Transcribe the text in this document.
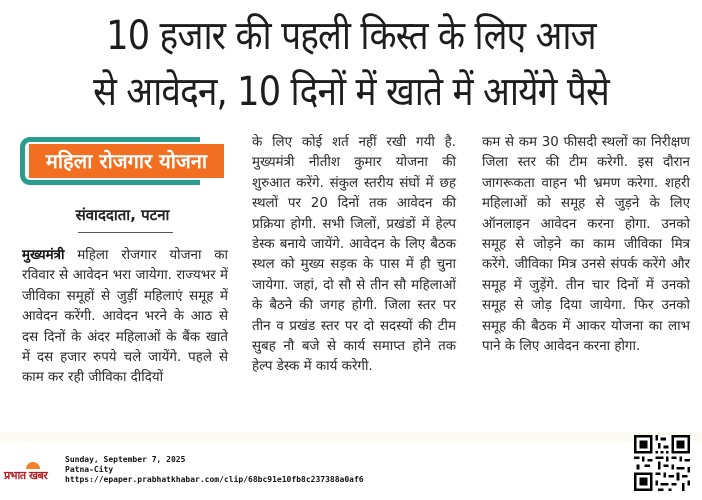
10 हजार की पहली किस्त के लिए आज
से आवेदन, 10 दिनों में खाते में आयेंगे पैसे
महिला रोजगार योजना
संवाददाता, पटना

मुख्यमंत्री महिला रोजगार योजना का रविवार से आवेदन भरा जायेगा. राज्यभर में जीविका समूहों से जुड़ीं महिलाएं समूह में आवेदन करेंगी. आवेदन भरने के आठ से दस दिनों के अंदर महिलाओं के बैंक खाते में दस हजार रुपये चले जायेंगे. पहले से काम कर रही जीविका दीदियों

के लिए कोई शर्त नहीं रखी गयी है. मुख्यमंत्री नीतीश कुमार योजना की शुरुआत करेंगे. संकुल स्तरीय संघों में छह स्थलों पर 20 दिनों तक आवेदन की प्रक्रिया होगी. सभी जिलों, प्रखंडों में हेल्प डेस्क बनाये जायेंगे. आवेदन के लिए बैठक स्थल को मुख्य सड़क के पास में ही चुना जायेगा. जहां, दो सौ से तीन सौ महिलाओं के बैठने की जगह होगी. जिला स्तर पर तीन व प्रखंड स्तर पर दो सदस्यों की टीम सुबह नौ बजे से कार्य समाप्त होने तक हेल्प डेस्क में कार्य करेगी.

कम से कम 30 फीसदी स्थलों का निरीक्षण जिला स्तर की टीम करेगी. इस दौरान जागरूकता वाहन भी भ्रमण करेगा. शहरी महिलाओं को समूह से जुड़ने के लिए ऑनलाइन आवेदन करना होगा. उनको समूह से जोड़ने का काम जीविका मित्र करेंगे. जीविका मित्र उनसे संपर्क करेंगे और समूह में जुड़ेंगे. तीन चार दिनों में उनको समूह से जोड़ दिया जायेगा. फिर उनको समूह की बैठक में आकर योजना का लाभ पाने के लिए आवेदन करना होगा.

प्रभात खबर
Sunday, September 7, 2025
Patna-City
https://epaper.prabhatkhabar.com/clip/68bc91e10fb8c237388a0af6
